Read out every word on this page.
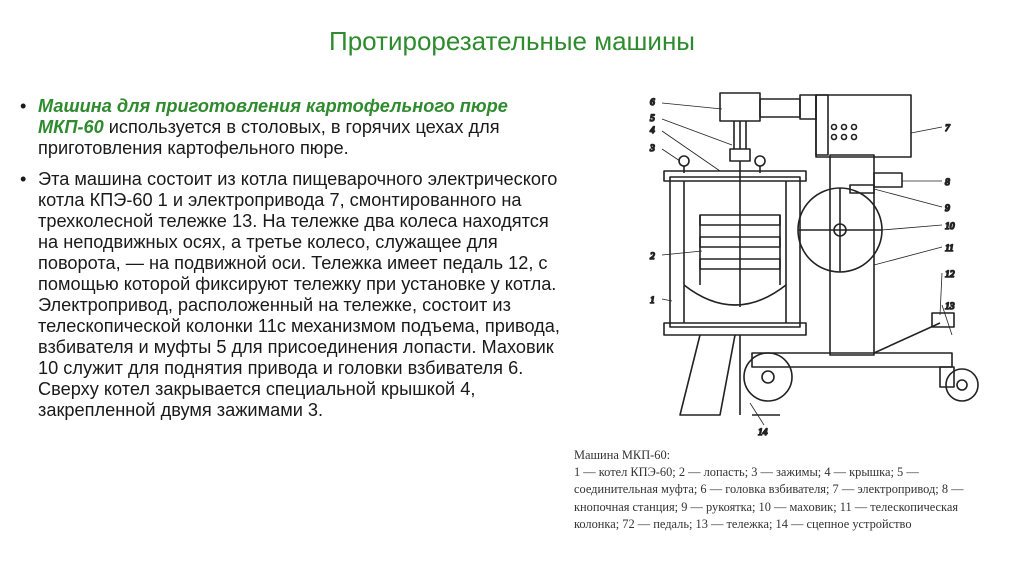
Протирорезательные машины
• Машина для приготовления картофельного пюре МКП-60 используется в столовых, в горячих цехах для приготовления картофельного пюре.
• Эта машина состоит из котла пищеварочного электрического котла КПЭ-60 1 и электропривода 7, смонтированного на трехколесной тележке 13. На тележке два колеса находятся на неподвижных осях, а третье колесо, служащее для поворота, — на подвижной оси. Тележка имеет педаль 12, с помощью которой фиксируют тележку при установке у котла. Электропривод, расположенный на тележке, состоит из телескопической колонки 11с механизмом подъема, привода, взбивателя и муфты 5 для присоединения лопасти. Маховик 10 служит для поднятия привода и головки взбивателя 6. Сверху котел закрывается специальной крышкой 4, закрепленной двумя зажимами 3.
6
5
4
3
2
1
7
8
9
10
11
12
13
14

Машина МКП-60:

1 — котел КПЭ-60; 2 — лопасть; 3 — зажимы; 4 — крышка; 5 — соединительная муфта; 6 — головка взбивателя; 7 — электропривод; 8 — кнопочная станция; 9 — рукоятка; 10 — маховик; 11 — телескопическая колонка; 72 — педаль; 13 — тележка; 14 — сцепное устройство
